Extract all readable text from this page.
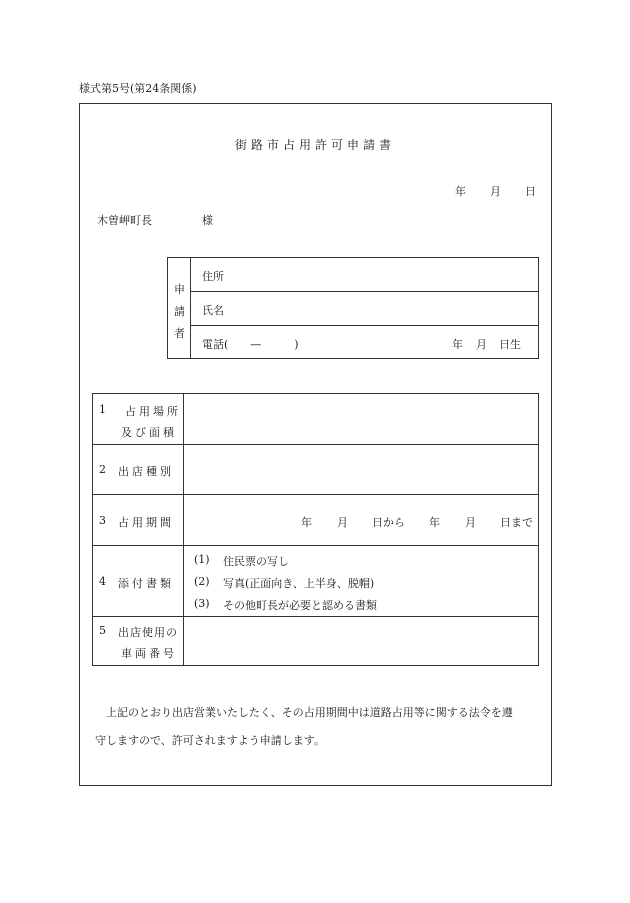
様式第5号(第24条関係)
街路市占用許可申請書
年 月 日
木曽岬町長	様
申
請
者
住所
氏名
電話(　　—　　　)	年 月 日生
1 占用場所
及び面積
2 出店種別
3 占用期間	年 月 日から 年 月 日まで
4 添付書類
(1) 住民票の写し
(2) 写真(正面向き、上半身、脱帽)
(3) その他町長が必要と認める書類
5 出店使用の
車両番号
上記のとおり出店営業いたしたく、その占用期間中は道路占用等に関する法令を遵
守しますので、許可されますよう申請します。
